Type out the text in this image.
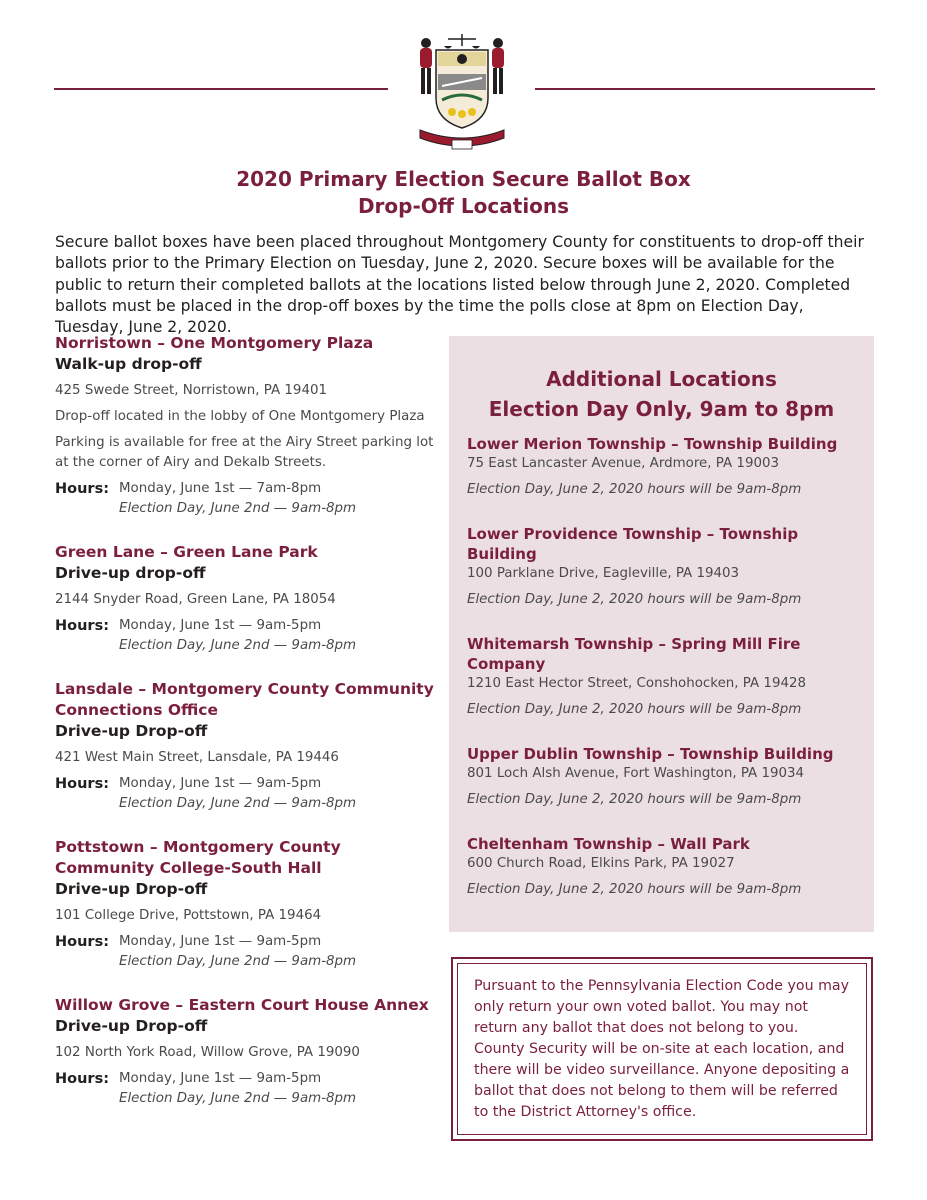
2020 Primary Election Secure Ballot Box
Drop-Off Locations

Secure ballot boxes have been placed throughout Montgomery County for constituents to drop-off their ballots prior to the Primary Election on Tuesday, June 2, 2020. Secure boxes will be available for the public to return their completed ballots at the locations listed below through June 2, 2020. Completed ballots must be placed in the drop-off boxes by the time the polls close at 8pm on Election Day, Tuesday, June 2, 2020.

Norristown – One Montgomery Plaza
Walk-up drop-off
425 Swede Street, Norristown, PA 19401
Drop-off located in the lobby of One Montgomery Plaza
Parking is available for free at the Airy Street parking lot at the corner of Airy and Dekalb Streets.
Hours: Monday, June 1st — 7am-8pm
Election Day, June 2nd — 9am-8pm
Green Lane – Green Lane Park
Drive-up drop-off
2144 Snyder Road, Green Lane, PA 18054
Hours: Monday, June 1st — 9am-5pm
Election Day, June 2nd — 9am-8pm
Lansdale – Montgomery County Community Connections Office
Drive-up Drop-off
421 West Main Street, Lansdale, PA 19446
Hours: Monday, June 1st — 9am-5pm
Election Day, June 2nd — 9am-8pm
Pottstown – Montgomery County Community College-South Hall
Drive-up Drop-off
101 College Drive, Pottstown, PA 19464
Hours: Monday, June 1st — 9am-5pm
Election Day, June 2nd — 9am-8pm
Willow Grove – Eastern Court House Annex
Drive-up Drop-off
102 North York Road, Willow Grove, PA 19090
Hours: Monday, June 1st — 9am-5pm
Election Day, June 2nd — 9am-8pm
Additional Locations
Election Day Only, 9am to 8pm
Lower Merion Township – Township Building
75 East Lancaster Avenue, Ardmore, PA 19003
Election Day, June 2, 2020 hours will be 9am-8pm
Lower Providence Township – Township Building
100 Parklane Drive, Eagleville, PA 19403
Election Day, June 2, 2020 hours will be 9am-8pm
Whitemarsh Township – Spring Mill Fire Company
1210 East Hector Street, Conshohocken, PA 19428
Election Day, June 2, 2020 hours will be 9am-8pm
Upper Dublin Township – Township Building
801 Loch Alsh Avenue, Fort Washington, PA 19034
Election Day, June 2, 2020 hours will be 9am-8pm
Cheltenham Township – Wall Park
600 Church Road, Elkins Park, PA 19027
Election Day, June 2, 2020 hours will be 9am-8pm

Pursuant to the Pennsylvania Election Code you may only return your own voted ballot. You may not return any ballot that does not belong to you. County Security will be on-site at each location, and there will be video surveillance. Anyone depositing a ballot that does not belong to them will be referred to the District Attorney's office.
